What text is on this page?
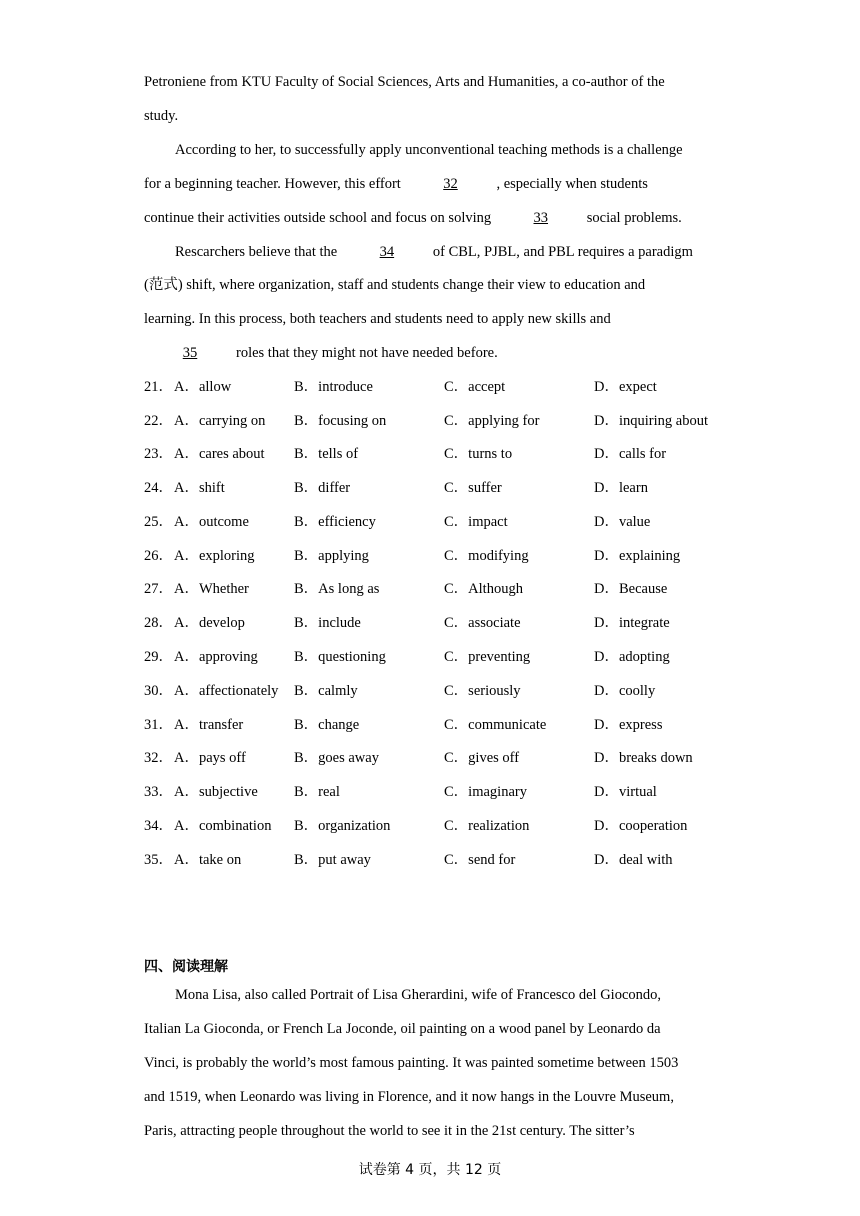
Petroniene from KTU Faculty of Social Sciences, Arts and Humanities, a co-author of the
study.
According to her, to successfully apply unconventional teaching methods is a challenge
for a beginning teacher. However, this effort	32	, especially when students
continue their activities outside school and focus on solving	33	social problems.
Rescarchers believe that the	34	of CBL, PJBL, and PBL requires a paradigm
(范式) shift, where organization, staff and students change their view to education and
learning. In this process, both teachers and students need to apply new skills and
35	roles that they might not have needed before.
21． A．allow	B．introduce	C．accept	D．expect
22． A．carrying on B．focusing on	C．applying for	D．inquiring about
23． A．cares about B．tells of	C．turns to	D．calls for
24． A．shift	B．differ	C．suffer	D．learn
25． A．outcome	B．efficiency	C．impact	D．value
26． A．exploring	B．applying	C．modifying	D．explaining
27． A．Whether	B．As long as	C．Although	D．Because
28． A．develop	B．include	C．associate	D．integrate
29． A．approving B．questioning	C．preventing	D．adopting
30． A．affectionately B．calmly	C．seriously	D．coolly
31． A．transfer	B．change	C．communicate	D．express
32． A．pays off	B．goes away	C．gives off	D．breaks down
33． A．subjective B．real	C．imaginary	D．virtual
34． A．combination B．organization	C．realization	D．cooperation
35． A．take on	B．put away	C．send for	D．deal with
四、阅读理解
Mona Lisa, also called Portrait of Lisa Gherardini, wife of Francesco del Giocondo,
Italian La Gioconda, or French La Joconde, oil painting on a wood panel by Leonardo da
Vinci, is probably the world’s most famous painting. It was painted sometime between 1503
and 1519, when Leonardo was living in Florence, and it now hangs in the Louvre Museum,
Paris, attracting people throughout the world to see it in the 21st century. The sitter’s
试卷第 4 页，共 12 页
